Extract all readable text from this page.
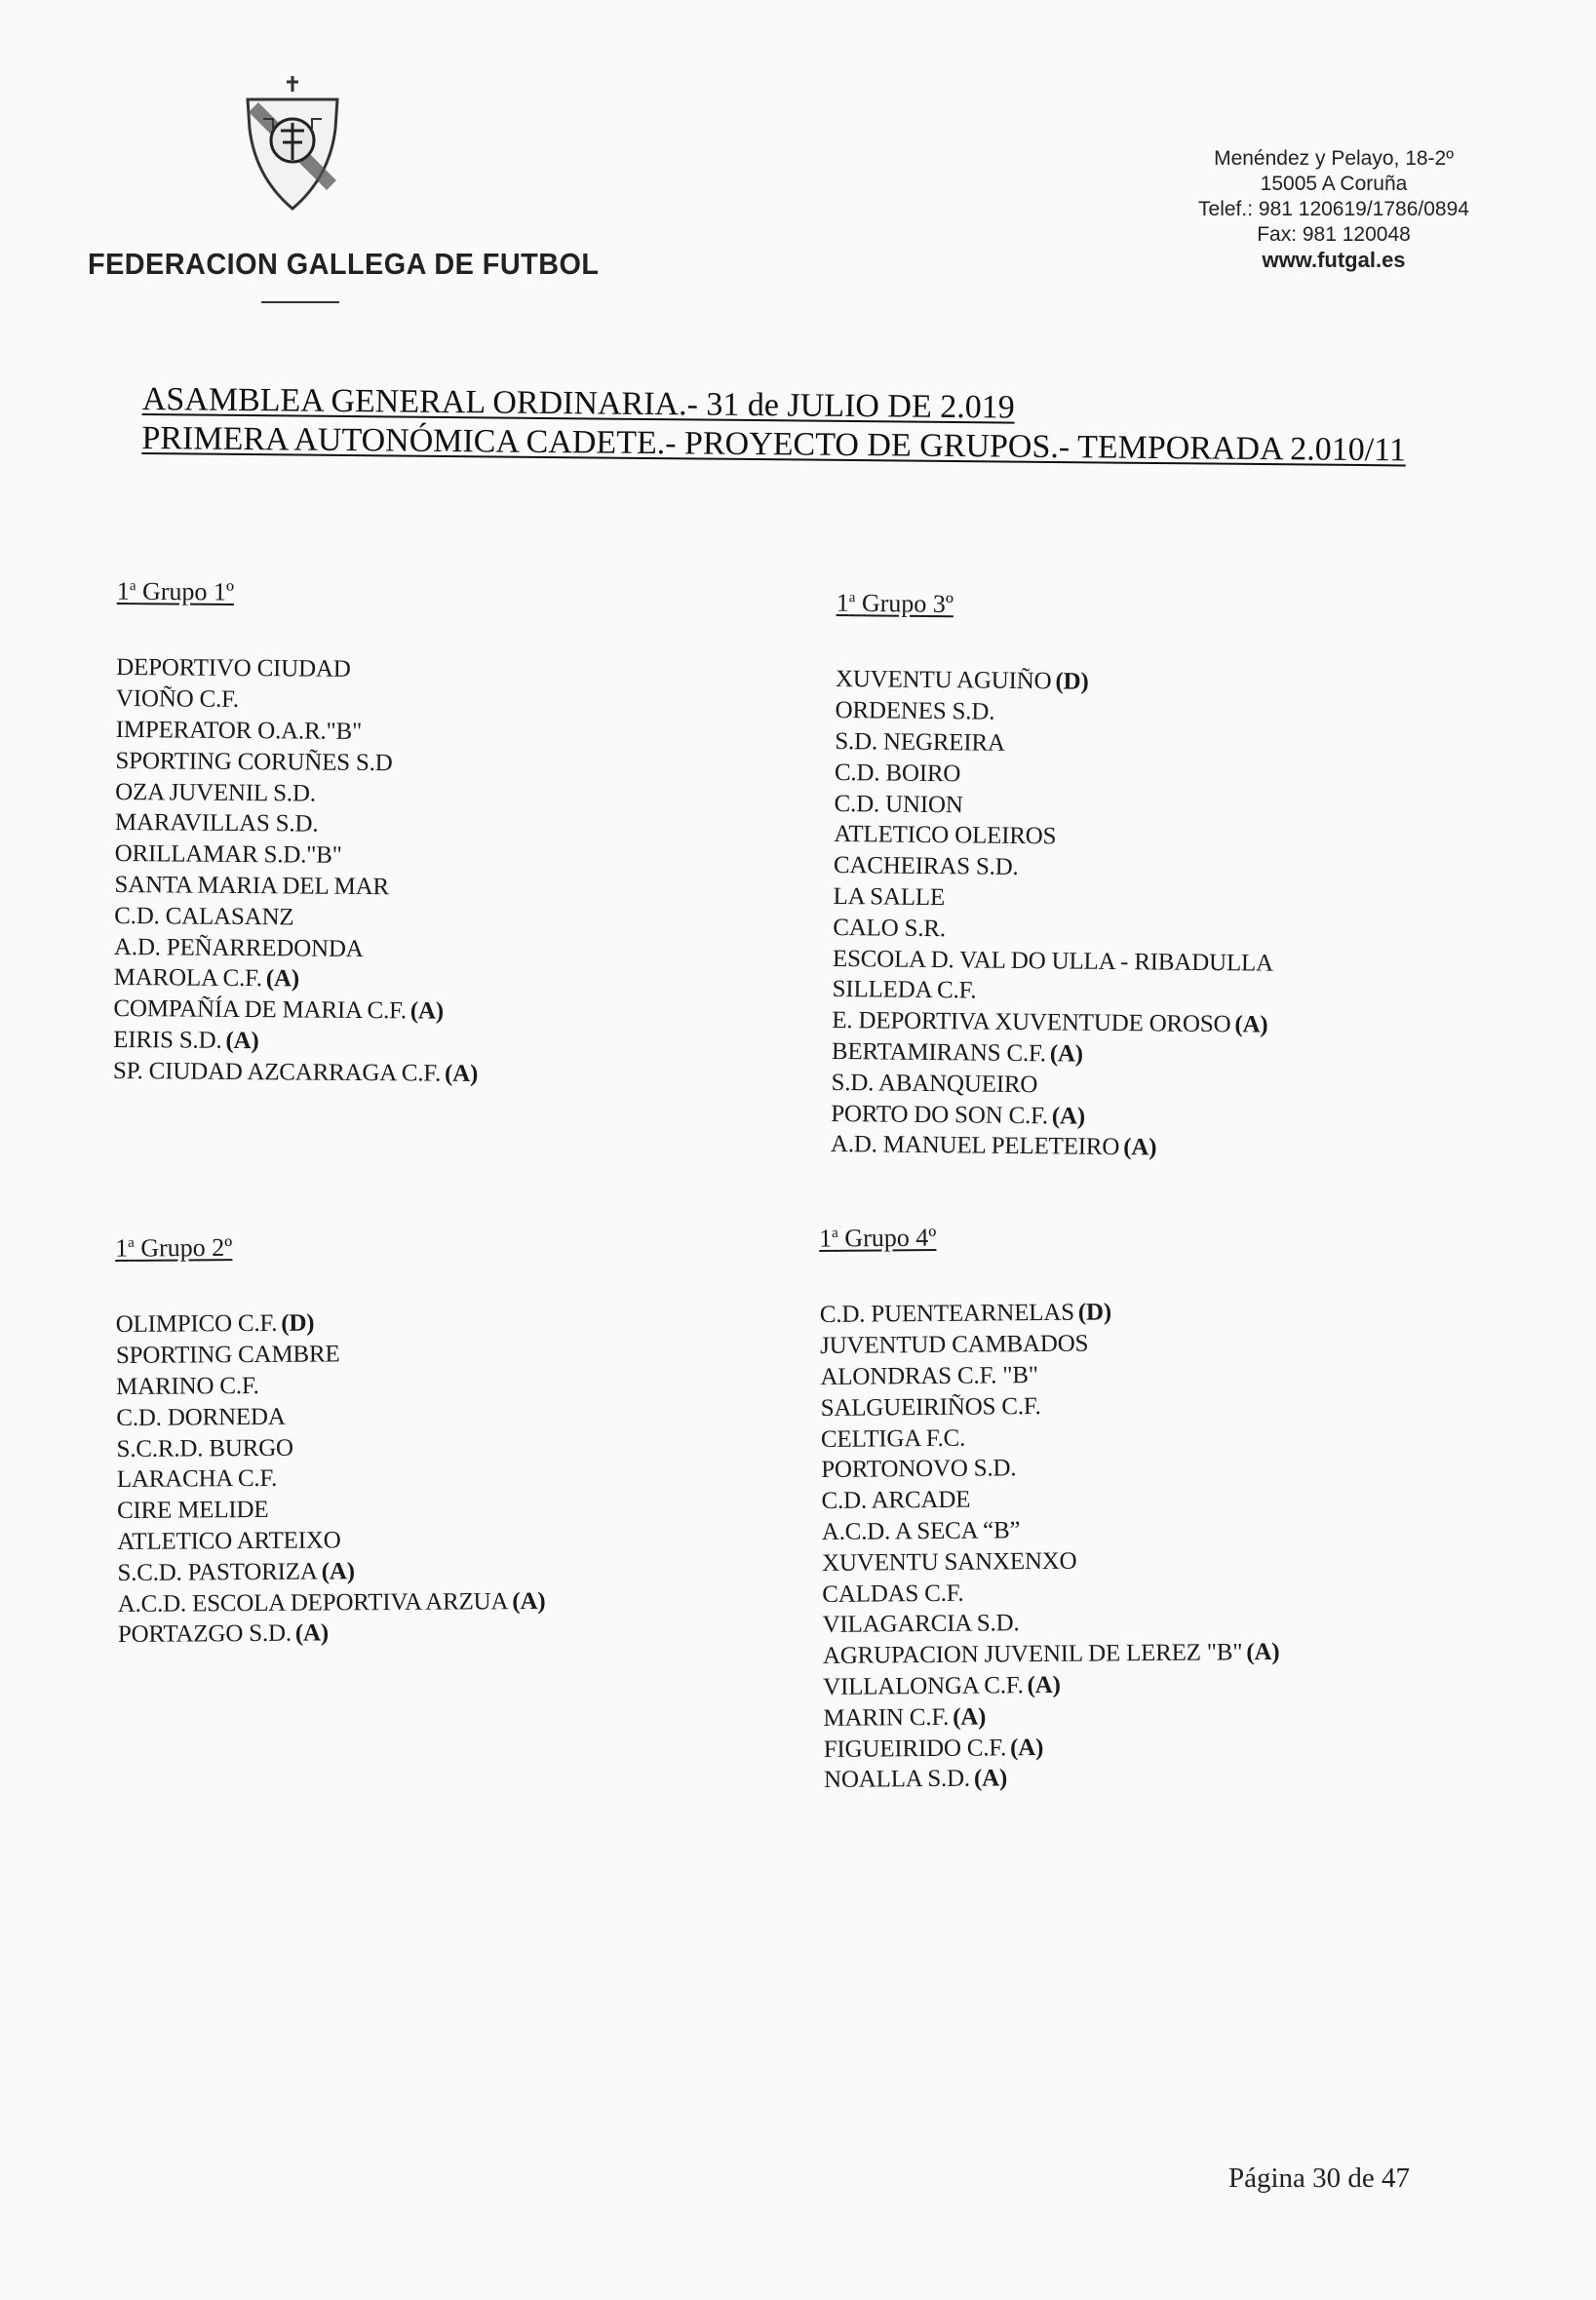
FEDERACION GALLEGA DE FUTBOL
Menéndez y Pelayo, 18-2º
15005 A Coruña
Telef.: 981 120619/1786/0894
Fax: 981 120048
www.futgal.es
ASAMBLEA GENERAL ORDINARIA.- 31 de JULIO DE 2.019
PRIMERA AUTONÓMICA CADETE.- PROYECTO DE GRUPOS.- TEMPORADA 2.010/11
1$^a$ Grupo 1º
DEPORTIVO CIUDAD
VIOÑO C.F.
IMPERATOR O.A.R."B"
SPORTING CORUÑES S.D
OZA JUVENIL S.D.
MARAVILLAS S.D.
ORILLAMAR S.D."B"
SANTA MARIA DEL MAR
C.D. CALASANZ
A.D. PEÑARREDONDA
MAROLA C.F. (A)
COMPAÑÍA DE MARIA C.F. (A)
EIRIS S.D. (A)
SP. CIUDAD AZCARRAGA C.F. (A)
1$^a$ Grupo 3º
XUVENTU AGUIÑO (D)
ORDENES S.D.
S.D. NEGREIRA
C.D. BOIRO
C.D. UNION
ATLETICO OLEIROS
CACHEIRAS S.D.
LA SALLE
CALO S.R.
ESCOLA D. VAL DO ULLA - RIBADULLA
SILLEDA C.F.
E. DEPORTIVA XUVENTUDE OROSO (A)
BERTAMIRANS C.F. (A)
S.D. ABANQUEIRO
PORTO DO SON C.F. (A)
A.D. MANUEL PELETEIRO (A)
1$^a$ Grupo 2º
OLIMPICO C.F. (D)
SPORTING CAMBRE
MARINO C.F.
C.D. DORNEDA
S.C.R.D. BURGO
LARACHA C.F.
CIRE MELIDE
ATLETICO ARTEIXO
S.C.D. PASTORIZA (A)
A.C.D. ESCOLA DEPORTIVA ARZUA (A)
PORTAZGO S.D. (A)
1$^a$ Grupo 4º
C.D. PUENTEARNELAS (D)
JUVENTUD CAMBADOS
ALONDRAS C.F. "B"
SALGUEIRIÑOS C.F.
CELTIGA F.C.
PORTONOVO S.D.
C.D. ARCADE
A.C.D. A SECA “B”
XUVENTU SANXENXO
CALDAS C.F.
VILAGARCIA S.D.
AGRUPACION JUVENIL DE LEREZ "B" (A)
VILLALONGA C.F. (A)
MARIN C.F. (A)
FIGUEIRIDO C.F. (A)
NOALLA S.D. (A)
Página 30 de 47
